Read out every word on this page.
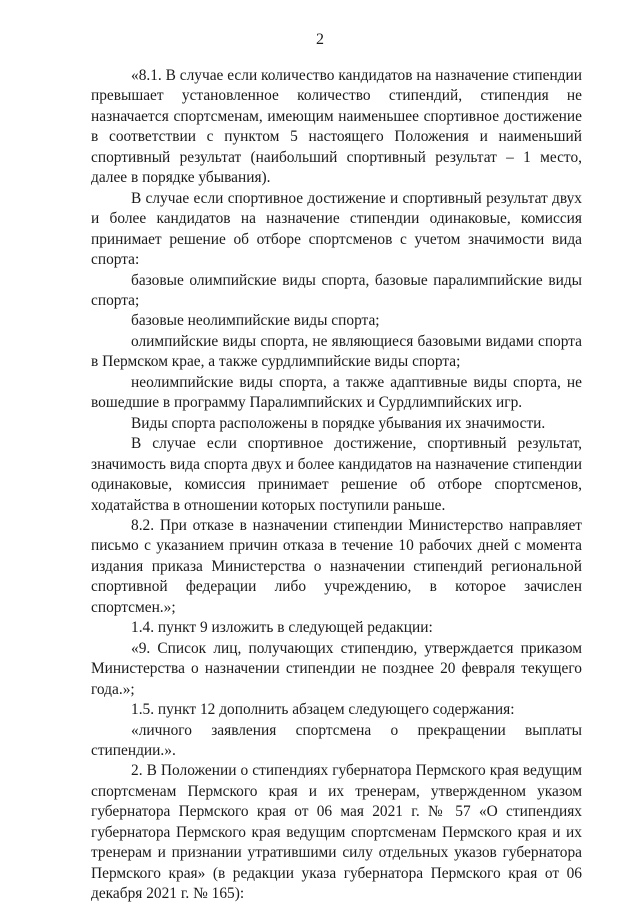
2

«8.1. В случае если количество кандидатов на назначение стипендии превышает установленное количество стипендий, стипендия не назначается спортсменам, имеющим наименьшее спортивное достижение в соответствии с пунктом 5 настоящего Положения и наименьший спортивный результат (наибольший спортивный результат – 1 место, далее в порядке убывания).

В случае если спортивное достижение и спортивный результат двух и более кандидатов на назначение стипендии одинаковые, комиссия принимает решение об отборе спортсменов с учетом значимости вида спорта:

базовые олимпийские виды спорта, базовые паралимпийские виды спорта;

базовые неолимпийские виды спорта;

олимпийские виды спорта, не являющиеся базовыми видами спорта в Пермском крае, а также сурдлимпийские виды спорта;

неолимпийские виды спорта, а также адаптивные виды спорта, не вошедшие в программу Паралимпийских и Сурдлимпийских игр.

Виды спорта расположены в порядке убывания их значимости.

В случае если спортивное достижение, спортивный результат, значимость вида спорта двух и более кандидатов на назначение стипендии одинаковые, комиссия принимает решение об отборе спортсменов, ходатайства в отношении которых поступили раньше.

8.2. При отказе в назначении стипендии Министерство направляет письмо с указанием причин отказа в течение 10 рабочих дней с момента издания приказа Министерства о назначении стипендий региональной спортивной федерации либо учреждению, в которое зачислен спортсмен.»;

1.4. пункт 9 изложить в следующей редакции:

«9. Список лиц, получающих стипендию, утверждается приказом Министерства о назначении стипендии не позднее 20 февраля текущего года.»;

1.5. пункт 12 дополнить абзацем следующего содержания:

«личного заявления спортсмена о прекращении выплаты стипендии.».

2. В Положении о стипендиях губернатора Пермского края ведущим спортсменам Пермского края и их тренерам, утвержденном указом губернатора Пермского края от 06 мая 2021 г. № 57 «О стипендиях губернатора Пермского края ведущим спортсменам Пермского края и их тренерам и признании утратившими силу отдельных указов губернатора Пермского края» (в редакции указа губернатора Пермского края от 06 декабря 2021 г. № 165):
